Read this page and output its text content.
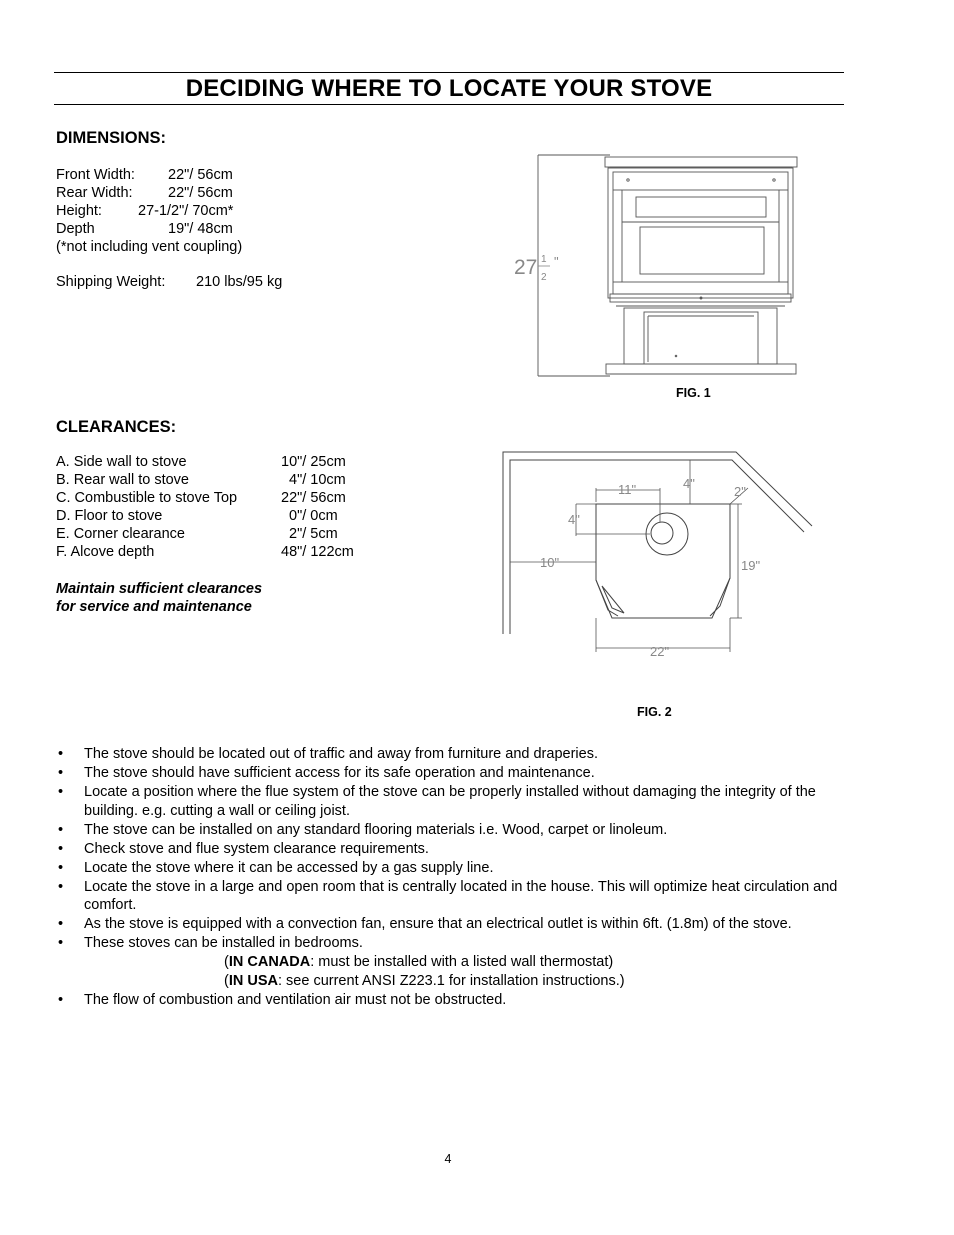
DECIDING WHERE TO LOCATE YOUR STOVE
DIMENSIONS:
Front Width: 22"/ 56cm
Rear Width: 22"/ 56cm
Height: 27-1/2"/ 70cm*
Depth	19"/ 48cm
(*not including vent coupling)
Shipping Weight: 210 lbs/95 kg
27 1
2
"
FIG. 1
CLEARANCES:
A. Side wall to stove	10"/ 25cm
B. Rear wall to stove	4"/ 10cm
C. Combustible to stove Top	22"/ 56cm
D. Floor to stove	0"/ 0cm
E. Corner clearance	2"/ 5cm
F. Alcove depth	48"/ 122cm
Maintain sufficient clearances
for service and maintenance
11"	4"
2"
4"
10"	19"
22"
FIG. 2
• The stove should be located out of traffic and away from furniture and draperies.
• The stove should have sufficient access for its safe operation and maintenance.
• Locate a position where the flue system of the stove can be properly installed without damaging the integrity of the building. e.g. cutting a wall or ceiling joist.
• The stove can be installed on any standard flooring materials i.e. Wood, carpet or linoleum.
• Check stove and flue system clearance requirements.
• Locate the stove where it can be accessed by a gas supply line.
• Locate the stove in a large and open room that is centrally located in the house. This will optimize heat circulation and comfort.
• As the stove is equipped with a convection fan, ensure that an electrical outlet is within 6ft. (1.8m) of the stove.
• These stoves can be installed in bedrooms.
(IN CANADA: must be installed with a listed wall thermostat)
(IN USA: see current ANSI Z223.1 for installation instructions.)
• The flow of combustion and ventilation air must not be obstructed.
4
